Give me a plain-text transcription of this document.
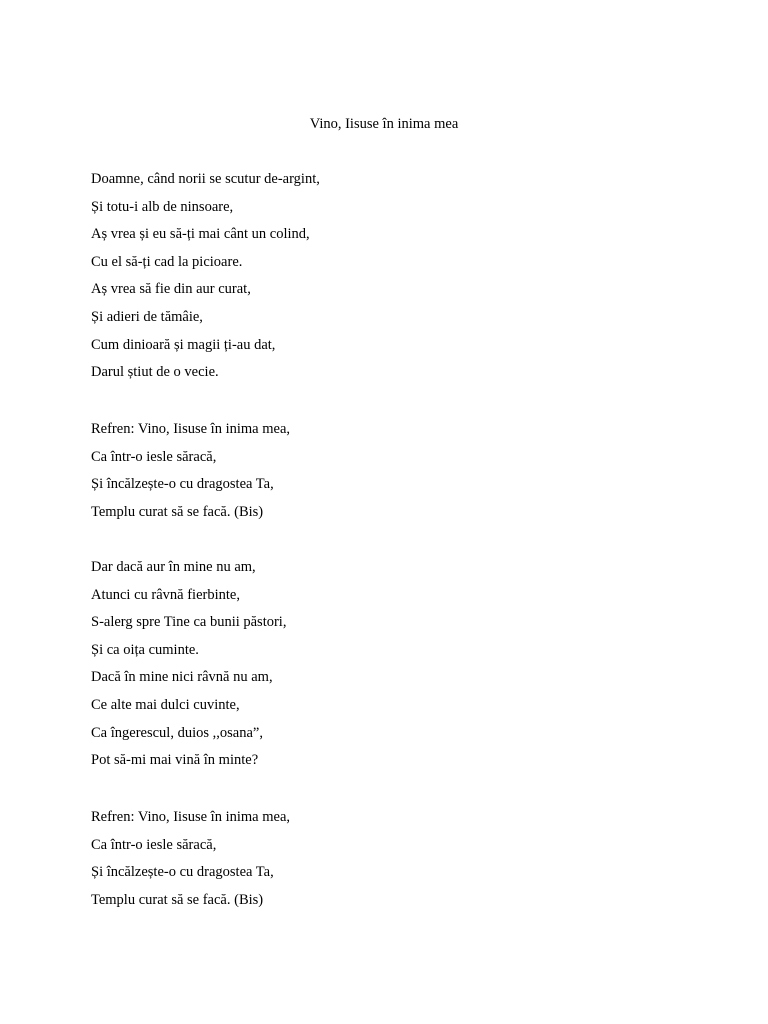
Vino, Iisuse în inima mea
Doamne, când norii se scutur de-argint,
Și totu-i alb de ninsoare,
Aș vrea și eu să-ți mai cânt un colind,
Cu el să-ți cad la picioare.
Aș vrea să fie din aur curat,
Și adieri de tămâie,
Cum dinioară și magii ți-au dat,
Darul știut de o vecie.
Refren: Vino, Iisuse în inima mea,
Ca într-o iesle săracă,
Și încălzește-o cu dragostea Ta,
Templu curat să se facă. (Bis)
Dar dacă aur în mine nu am,
Atunci cu râvnă fierbinte,
S-alerg spre Tine ca bunii păstori,
Și ca oița cuminte.
Dacă în mine nici râvnă nu am,
Ce alte mai dulci cuvinte,
Ca îngerescul, duios ,,osana”,
Pot să-mi mai vină în minte?
Refren: Vino, Iisuse în inima mea,
Ca într-o iesle săracă,
Și încălzește-o cu dragostea Ta,
Templu curat să se facă. (Bis)
